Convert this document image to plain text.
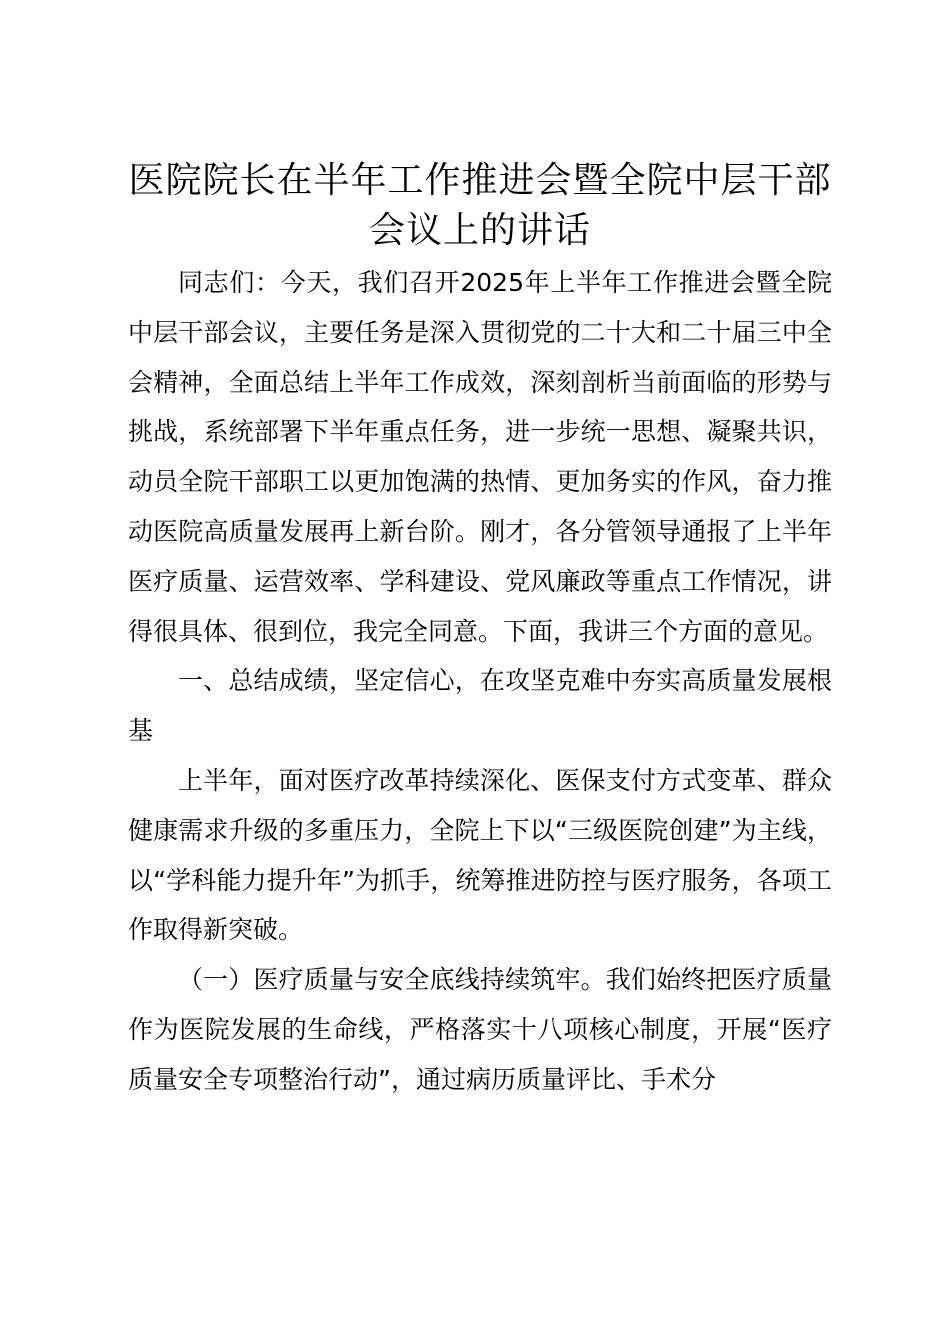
医院院长在半年工作推进会暨全院中层干部会议上的讲话

同志们：今天，我们召开2025年上半年工作推进会暨全院中层干部会议，主要任务是深入贯彻党的二十大和二十届三中全会精神，全面总结上半年工作成效，深刻剖析当前面临的形势与挑战，系统部署下半年重点任务，进一步统一思想、凝聚共识，动员全院干部职工以更加饱满的热情、更加务实的作风，奋力推动医院高质量发展再上新台阶。刚才，各分管领导通报了上半年医疗质量、运营效率、学科建设、党风廉政等重点工作情况，讲得很具体、很到位，我完全同意。下面，我讲三个方面的意见。

一、总结成绩，坚定信心，在攻坚克难中夯实高质量发展根基

上半年，面对医疗改革持续深化、医保支付方式变革、群众健康需求升级的多重压力，全院上下以“三级医院创建”为主线，以“学科能力提升年”为抓手，统筹推进防控与医疗服务，各项工作取得新突破。

（一）医疗质量与安全底线持续筑牢。我们始终把医疗质量作为医院发展的生命线，严格落实十八项核心制度，开展“医疗质量安全专项整治行动”，通过病历质量评比、手术分
